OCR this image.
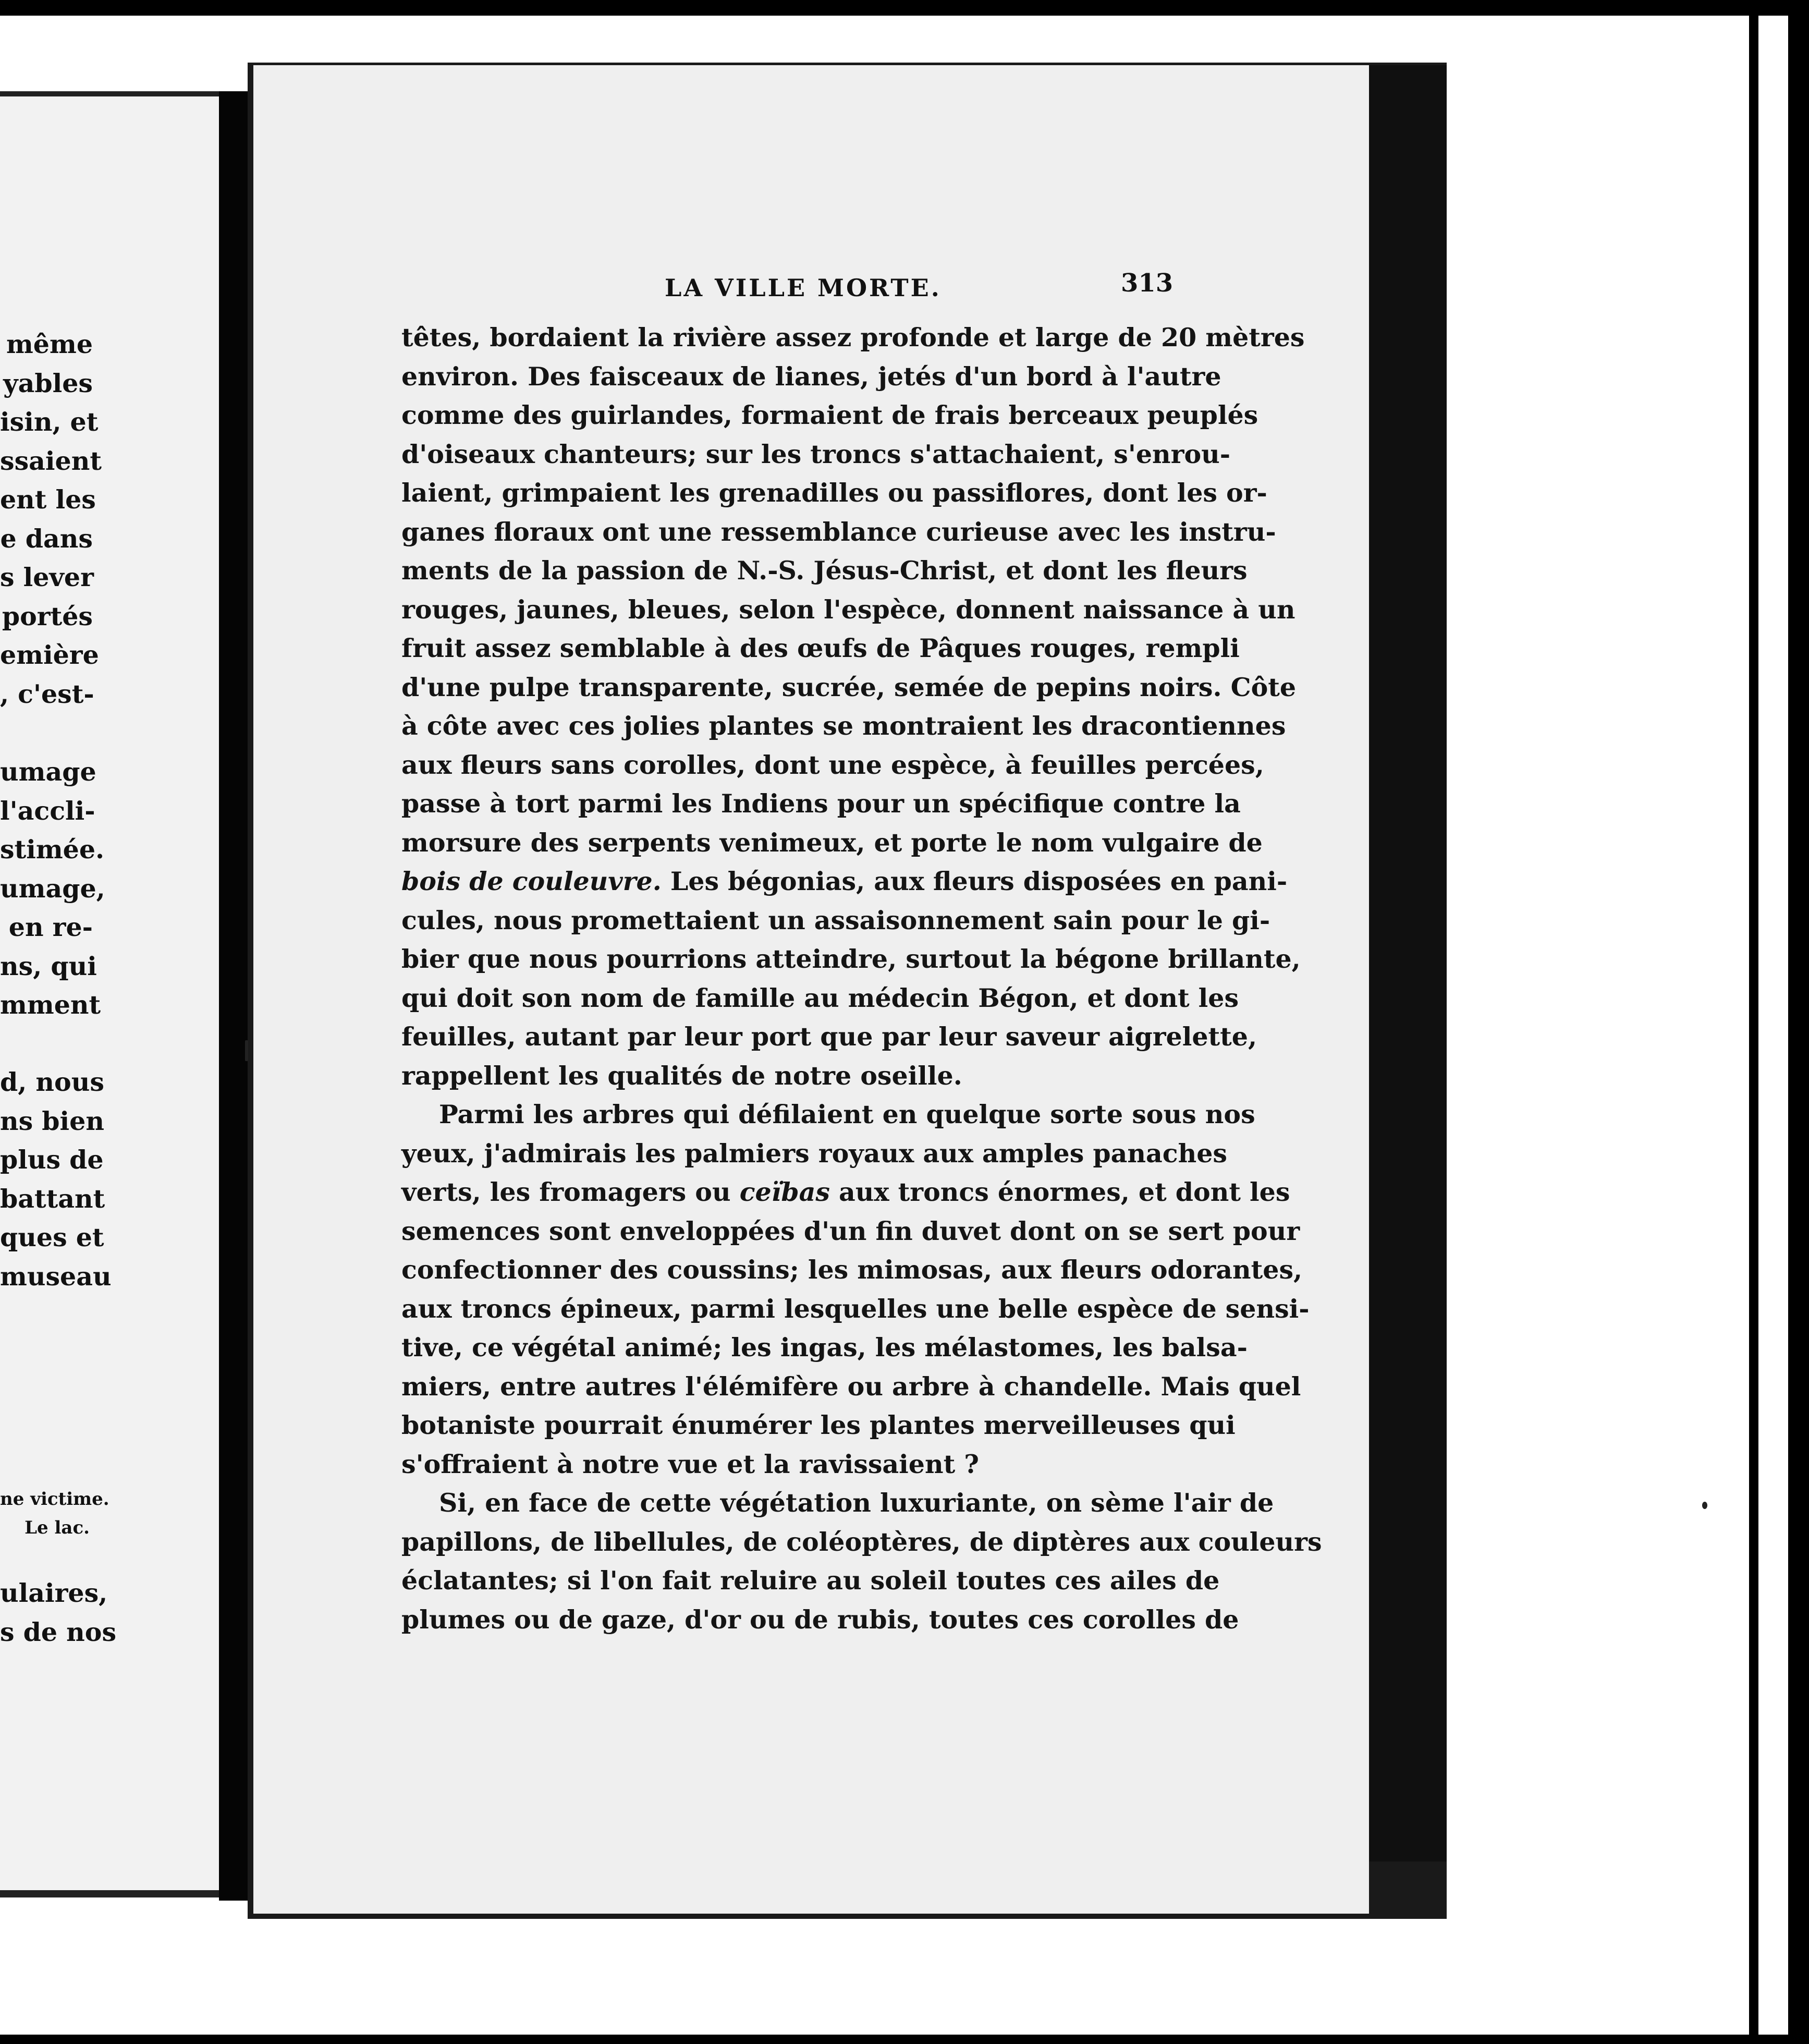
même
yables
isin, et
ssaient
ent les
e dans
s lever
portés
emière
, c'est-
umage
l'accli-
stimée.
umage,
en re-
ns, qui
mment
d, nous
ns bien
plus de
battant
ques et
museau
ne victime.
Le lac.
ulaires,
s de nos
LA VILLE MORTE.	313
têtes, bordaient la rivière assez profonde et large de 20 mètres
environ. Des faisceaux de lianes, jetés d'un bord à l'autre
comme des guirlandes, formaient de frais berceaux peuplés
d'oiseaux chanteurs; sur les troncs s'attachaient, s'enrou-
laient, grimpaient les grenadilles ou passiflores, dont les or-
ganes floraux ont une ressemblance curieuse avec les instru-
ments de la passion de N.-S. Jésus-Christ, et dont les fleurs
rouges, jaunes, bleues, selon l'espèce, donnent naissance à un
fruit assez semblable à des œufs de Pâques rouges, rempli
d'une pulpe transparente, sucrée, semée de pepins noirs. Côte
à côte avec ces jolies plantes se montraient les dracontiennes
aux fleurs sans corolles, dont une espèce, à feuilles percées,
passe à tort parmi les Indiens pour un spécifique contre la
morsure des serpents venimeux, et porte le nom vulgaire de
bois de couleuvre. Les bégonias, aux fleurs disposées en pani-
cules, nous promettaient un assaisonnement sain pour le gi-
bier que nous pourrions atteindre, surtout la bégone brillante,
qui doit son nom de famille au médecin Bégon, et dont les
feuilles, autant par leur port que par leur saveur aigrelette,
rappellent les qualités de notre oseille.
Parmi les arbres qui défilaient en quelque sorte sous nos
yeux, j'admirais les palmiers royaux aux amples panaches
verts, les fromagers ou ceïbas aux troncs énormes, et dont les
semences sont enveloppées d'un fin duvet dont on se sert pour
confectionner des coussins; les mimosas, aux fleurs odorantes,
aux troncs épineux, parmi lesquelles une belle espèce de sensi-
tive, ce végétal animé; les ingas, les mélastomes, les balsa-
miers, entre autres l'élémifère ou arbre à chandelle. Mais quel
botaniste pourrait énumérer les plantes merveilleuses qui
s'offraient à notre vue et la ravissaient ?
Si, en face de cette végétation luxuriante, on sème l'air de
papillons, de libellules, de coléoptères, de diptères aux couleurs
éclatantes; si l'on fait reluire au soleil toutes ces ailes de
plumes ou de gaze, d'or ou de rubis, toutes ces corolles de
